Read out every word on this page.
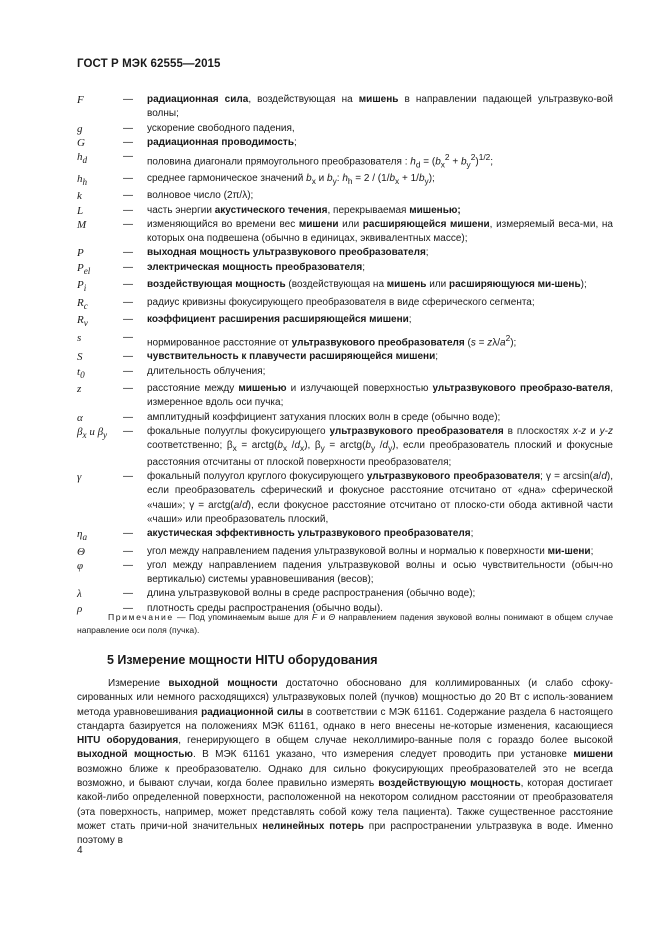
ГОСТ Р МЭК 62555—2015
F	—	радиационная сила, воздействующая на мишень в направлении падающей ультразвуко-вой волны;
g	—	ускорение свободного падения,
G	—	радиационная проводимость;
$h_d$	—	половина диагонали прямоугольного преобразователя : $h_d = (b_x^2 + b_y^2)^{1/2}$;
$h_h$	—	среднее гармоническое значений $b_x$ и $b_y$: $h_h = 2 / (1/b_x + 1/b_y)$;
k	—	волновое число (2π/λ);
L	—	часть энергии акустического течения, перекрываемая мишенью;
M	—	изменяющийся во времени вес мишени или расширяющейся мишени, измеряемый веса-ми, на которых она подвешена (обычно в единицах, эквивалентных массе);
P	—	выходная мощность ультразвукового преобразователя;
$P_{el}$	—	электрическая мощность преобразователя;
$P_i$	—	воздействующая мощность (воздействующая на мишень или расширяющуюся ми-шень);
$R_c$	—	радиус кривизны фокусирующего преобразователя в виде сферического сегмента;
$R_v$	—	коэффициент расширения расширяющейся мишени;
s	—	нормированное расстояние от ультразвукового преобразователя $(s = z\lambda/a^2)$;
S	—	чувствительность к плавучести расширяющейся мишени;
$t_0$	—	длительность облучения;
z	—	расстояние между мишенью и излучающей поверхностью ультразвукового преобразо-вателя, измеренное вдоль оси пучка;
α	—	амплитудный коэффициент затухания плоских волн в среде (обычно воде);
$\beta_x$ и $\beta_y$	—	фокальные полууглы фокусирующего ультразвукового преобразователя в плоскостях x-z и y-z соответственно; $\beta_x$ = $arctg(b_x$ $/d_x$), $\beta_y$ = $arctg(b_y$ $/d_y$), если преобразователь плоский и фокусные расстояния отсчитаны от плоской поверхности преобразователя;
γ	—	фокальный полуугол круглого фокусирующего ультразвукового преобразователя; γ = arcsin(a/d), если преобразователь сферический и фокусное расстояние отсчитано от «дна» сферической «чаши»; γ = arctg(a/d), если фокусное расстояние отсчитано от плоско-сти обода активной части «чаши» или преобразователь плоский,
$\eta_a$	—	акустическая эффективность ультразвукового преобразователя;
Θ	—	угол между направлением падения ультразвуковой волны и нормалью к поверхности ми-шени;
φ	—	угол между направлением падения ультразвуковой волны и осью чувствительности (обыч-но вертикалью) системы уравновешивания (весов);
λ	—	длина ультразвуковой волны в среде распространения (обычно воде);
ρ	—	плотность среды распространения (обычно воды).
Примечание — Под упоминаемым выше для F и Θ направлением падения звуковой волны понимают в общем случае направление оси поля (пучка).
5 Измерение мощности HITU оборудования
Измерение выходной мощности достаточно обосновано для коллимированных (и слабо сфоку-сированных или немного расходящихся) ультразвуковых полей (пучков) мощностью до 20 Вт с исполь-зованием метода уравновешивания радиационной силы в соответствии с МЭК 61161. Содержание раздела 6 настоящего стандарта базируется на положениях МЭК 61161, однако в него внесены не-которые изменения, касающиеся HITU оборудования, генерирующего в общем случае неколлимиро-ванные поля с гораздо более высокой выходной мощностью. В МЭК 61161 указано, что измерения следует проводить при установке мишени возможно ближе к преобразователю. Однако для сильно фокусирующих преобразователей это не всегда возможно, и бывают случаи, когда более правильно измерять воздействующую мощность, которая достигает какой-либо определенной поверхности, расположенной на некотором солидном расстоянии от преобразователя (эта поверхность, например, может представлять собой кожу тела пациента). Также существенное расстояние может стать причи-ной значительных нелинейных потерь при распространении ультразвука в воде. Именно поэтому в
4
